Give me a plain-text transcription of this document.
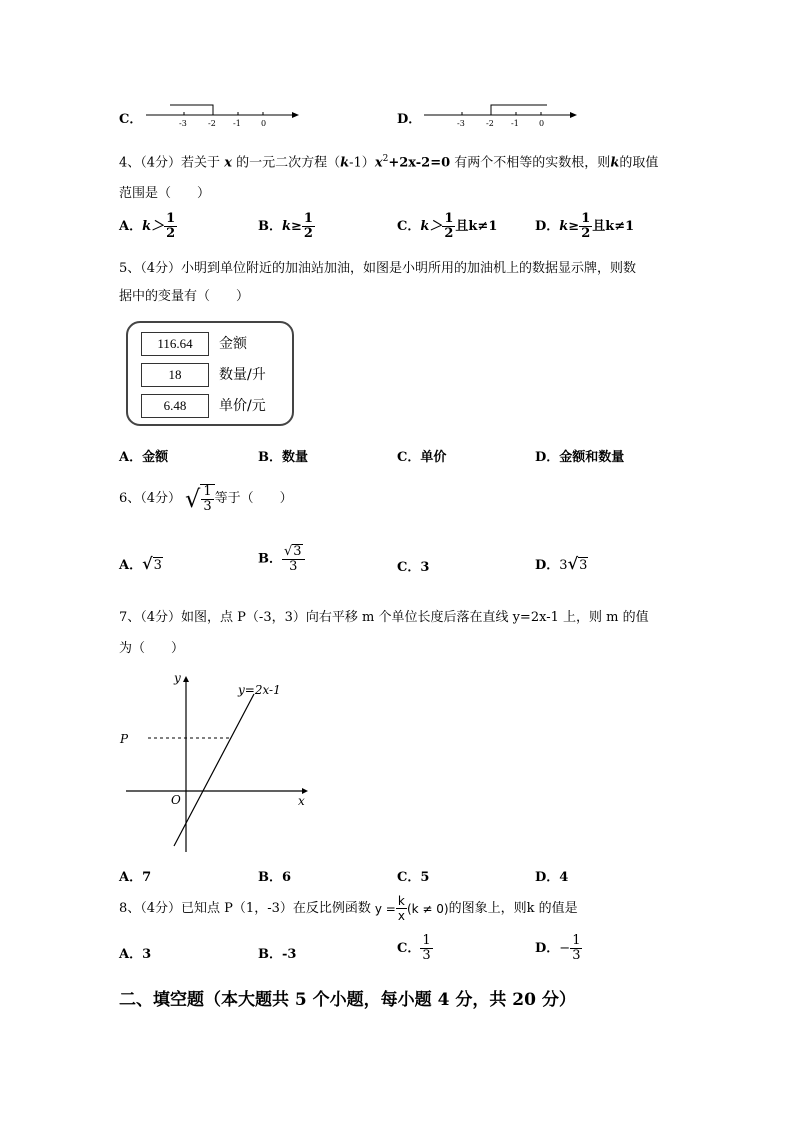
C．	-3	-2 -1	0	D．	-3	-2 -1	0
4、（4分）若关于 x 的一元二次方程$(k-1)x^2+2x-2=0$ 有两个不相等的实数根，则k的取值
范围是（　　）
A．$k> \frac{1}{2}$	B．$k\ge \frac{1}{2}$	C．$k> \frac{1}{2}$ 且k≠1	D．$k\ge \frac{1}{2}$ 且k≠1
5、（4分）小明到单位附近的加油站加油，如图是小明所用的加油机上的数据显示牌，则数
据中的变量有（　　）
116.64	金额
18	数量/升
6.48	单价/元
A．金额	B．数量	C．单价	D．金额和数量
6、（4分） √ $\frac{1}{3}$ 等于（　　）
A．√3	B． $\frac{√3}{3}$	C．3	D．3√3
7、（4分）如图，点 P（-3，3）向右平移 m 个单位长度后落在直线 y=2x-1 上，则 m 的值
为（　　）
y
x
O
P
y=2x-1
A．7	B．6	C．5	D．4
8、（4分）已知点 P（1，-3）在反比例函数 $y = \frac{k}{x} (k \ne 0)$ 的图象上，则k 的值是
A．3	B．-3	C． $\frac{1}{3}$	D．− $\frac{1}{3}$
二、填空题（本大题共 5 个小题，每小题 4 分，共 20 分）
